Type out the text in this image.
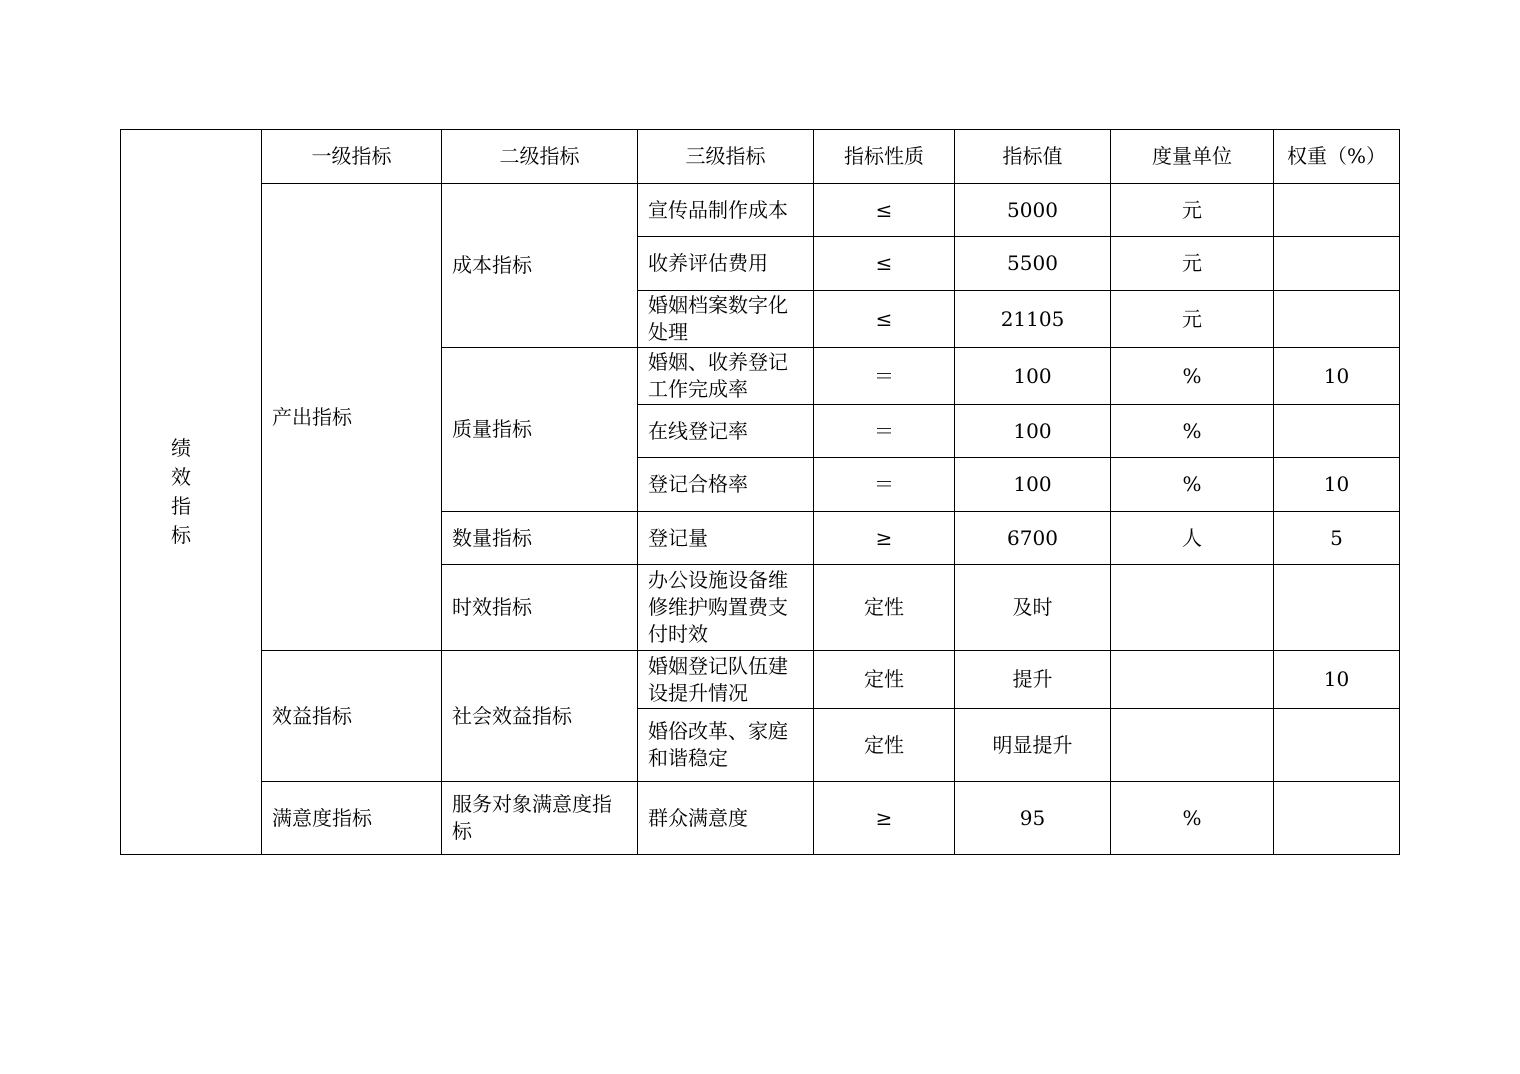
绩效指标	一级指标	二级指标	三级指标	指标性质	指标值	度量单位	权重（%）
	产出指标	成本指标	宣传品制作成本	≤	5000	元	
			收养评估费用	≤	5500	元	
			婚姻档案数字化处理	≤	21105	元	
		质量指标	婚姻、收养登记工作完成率	＝	100	%	10
			在线登记率	＝	100	%	
			登记合格率	＝	100	%	10
		数量指标	登记量	≥	6700	人	5
		时效指标	办公设施设备维修维护购置费支付时效	定性	及时		
	效益指标	社会效益指标	婚姻登记队伍建设提升情况	定性	提升		10
			婚俗改革、家庭和谐稳定	定性	明显提升		
	满意度指标	服务对象满意度指标	群众满意度	≥	95	%	
